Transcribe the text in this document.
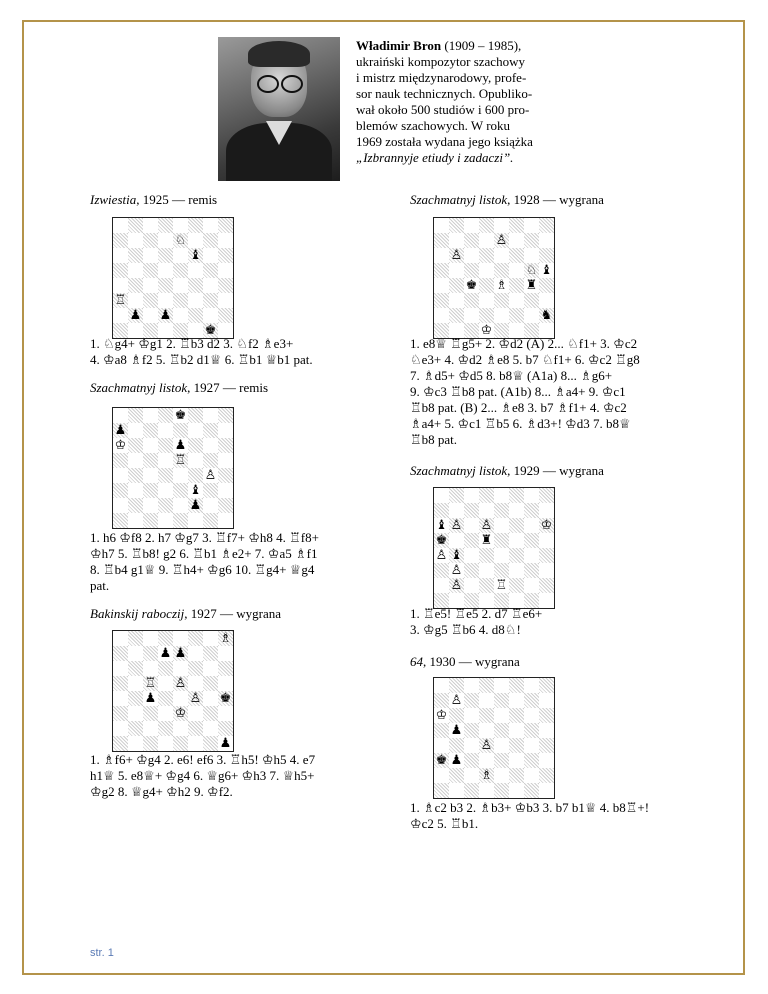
Władimir Bron (1909 – 1985),
ukraiński kompozytor szachowy
i mistrz międzynarodowy, profe-
sor nauk technicznych. Opubliko-
wał około 500 studiów i 600 pro-
blemów szachowych. W roku
1969 została wydana jego książka
„Izbrannyje etiudy i zadaczi”.
Izwiestia, 1925 — remis
♘
♝
♖
♟ ♟
♚
1. ♘g4+ ♔g1 2. ♖b3 d2 3. ♘f2 ♗e3+
4. ♔a8 ♗f2 5. ♖b2 d1♕ 6. ♖b1 ♕b1 pat.
Szachmatnyj listok, 1927 — remis
♚
♟
♔	♟
♖
♙
♝
♟
1. h6 ♔f8 2. h7 ♔g7 3. ♖f7+ ♔h8 4. ♖f8+
♔h7 5. ♖b8! g2 6. ♖b1 ♗e2+ 7. ♔a5 ♗f1
8. ♖b4 g1♕ 9. ♖h4+ ♔g6 10. ♖g4+ ♕g4
pat.
Bakinskij raboczij, 1927 — wygrana
♗
♟ ♟
♖ ♙
♟	♙ ♚
♔
♟
1. ♗f6+ ♔g4 2. e6! ef6 3. ♖h5! ♔h5 4. e7
h1♕ 5. e8♕+ ♔g4 6. ♕g6+ ♔h3 7. ♕h5+
♔g2 8. ♕g4+ ♔h2 9. ♔f2.
Szachmatnyj listok, 1928 — wygrana
♙
♙
♘ ♝
♚ ♗ ♜
♞
♔
1. e8♕ ♖g5+ 2. ♔d2 (A) 2... ♘f1+ 3. ♔c2
♘e3+ 4. ♔d2 ♗e8 5. b7 ♘f1+ 6. ♔c2 ♖g8
7. ♗d5+ ♔d5 8. b8♕ (A1a) 8... ♗g6+
9. ♔c3 ♖b8 pat. (A1b) 8... ♗a4+ 9. ♔c1
♖b8 pat. (B) 2... ♗e8 3. b7 ♗f1+ 4. ♔c2
♗a4+ 5. ♔c1 ♖b5 6. ♗d3+! ♔d3 7. b8♕
♖b8 pat.
Szachmatnyj listok, 1929 — wygrana
♝ ♙ ♙	♔
♚	♜
♙ ♝
♙
♙	♖
1. ♖e5! ♖e5 2. d7 ♖e6+
3. ♔g5 ♖b6 4. d8♘!
64, 1930 — wygrana
♙
♔
♟
♙
♚ ♟
♗
1. ♗c2 b3 2. ♗b3+ ♔b3 3. b7 b1♕ 4. b8♖+!
♔c2 5. ♖b1.
str. 1
